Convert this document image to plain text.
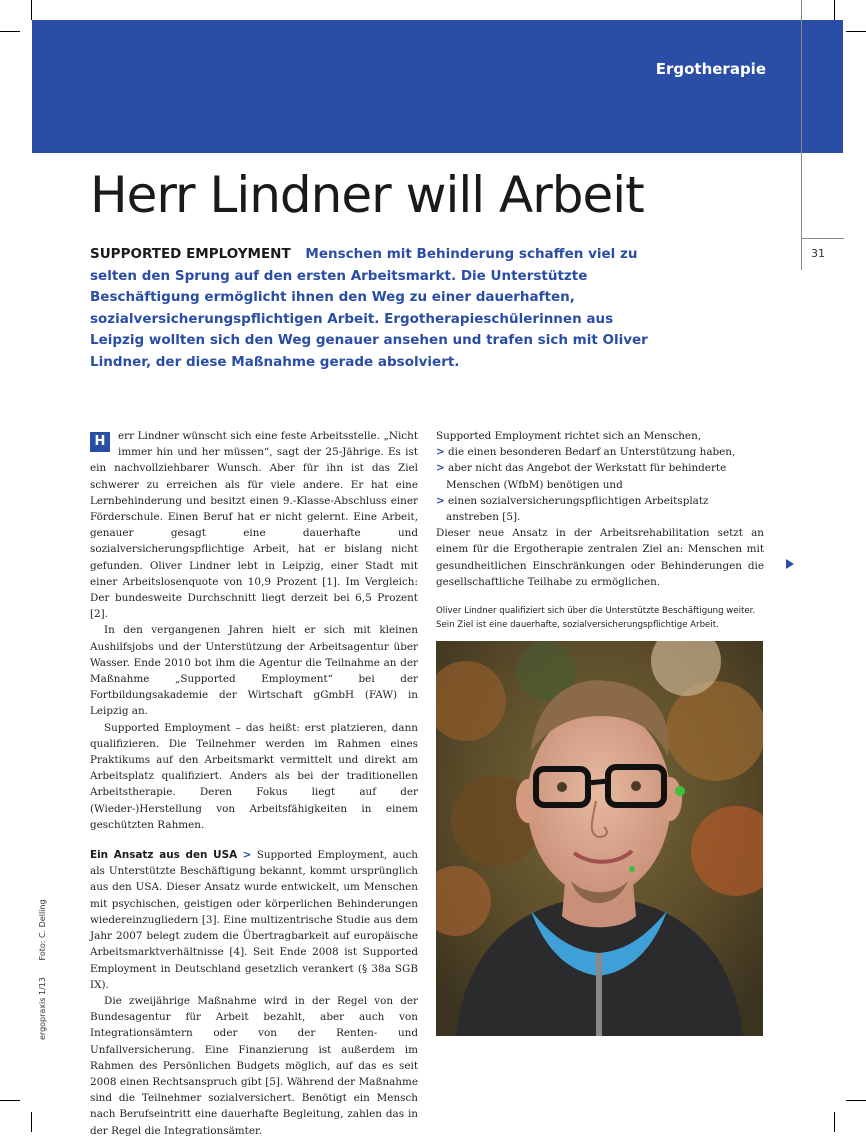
Ergotherapie
31
Herr Lindner will Arbeit
SUPPORTED EMPLOYMENT Menschen mit Behinderung schaffen viel zu selten den Sprung auf den ersten Arbeitsmarkt. Die Unterstützte Beschäftigung ermöglicht ihnen den Weg zu einer dauerhaften, sozialversicherungspflichtigen Arbeit. Ergotherapieschülerinnen aus Leipzig wollten sich den Weg genauer ansehen und trafen sich mit Oliver Lindner, der diese Maßnahme gerade absolviert.

H	err Lindner wünscht sich eine feste Arbeitsstelle. „Nicht immer hin und her müssen“, sagt der 25-Jährige. Es ist ein nachvollziehbarer Wunsch. Aber für ihn ist das Ziel schwerer zu erreichen als für viele andere. Er hat eine Lernbehinderung und besitzt einen 9.-Klasse-Abschluss einer Förderschule. Einen Beruf hat er nicht gelernt. Eine Arbeit, genauer gesagt eine dauerhafte und sozialversicherungspflichtige Arbeit, hat er bislang nicht gefunden. Oliver Lindner lebt in Leipzig, einer Stadt mit einer Arbeitslosenquote von 10,9 Prozent [1]. Im Vergleich: Der bundesweite Durchschnitt liegt derzeit bei 6,5 Prozent [2].

In den vergangenen Jahren hielt er sich mit kleinen Aushilfsjobs und der Unterstützung der Arbeitsagentur über Wasser. Ende 2010 bot ihm die Agentur die Teilnahme an der Maßnahme „Supported Employment“ bei der Fortbildungsakademie der Wirtschaft gGmbH (FAW) in Leipzig an.

Supported Employment – das heißt: erst platzieren, dann qualifizieren. Die Teilnehmer werden im Rahmen eines Praktikums auf den Arbeitsmarkt vermittelt und direkt am Arbeitsplatz qualifiziert. Anders als bei der traditionellen Arbeitstherapie. Deren Fokus liegt auf der (Wieder-)Herstellung von Arbeitsfähigkeiten in einem geschützten Rahmen.

Ein Ansatz aus den USA > Supported Employment, auch als Unterstützte Beschäftigung bekannt, kommt ursprünglich aus den USA. Dieser Ansatz wurde entwickelt, um Menschen mit psychischen, geistigen oder körperlichen Behinderungen wiedereinzugliedern [3]. Eine multizentrische Studie aus dem Jahr 2007 belegt zudem die Übertragbarkeit auf europäische Arbeitsmarktverhältnisse [4]. Seit Ende 2008 ist Supported Employment in Deutschland gesetzlich verankert (§ 38a SGB IX).

Die zweijährige Maßnahme wird in der Regel von der Bundesagentur für Arbeit bezahlt, aber auch von Integrationsämtern oder von der Renten- und Unfallversicherung. Eine Finanzierung ist außerdem im Rahmen des Persönlichen Budgets möglich, auf das es seit 2008 einen Rechtsanspruch gibt [5]. Während der Maßnahme sind die Teilnehmer sozialversichert. Benötigt ein Mensch nach Berufseintritt eine dauerhafte Begleitung, zahlen das in der Regel die Integrationsämter.

Supported Employment richtet sich an Menschen,

> die einen besonderen Bedarf an Unterstützung haben,
> aber nicht das Angebot der Werkstatt für behinderte Menschen (WfbM) benötigen und
> einen sozialversicherungspflichtigen Arbeitsplatz anstreben [5].

Dieser neue Ansatz in der Arbeitsrehabilitation setzt an einem für die Ergotherapie zentralen Ziel an: Menschen mit gesundheitlichen Einschränkungen oder Behinderungen die gesellschaftliche Teilhabe zu ermöglichen.

Oliver Lindner qualifiziert sich über die Unterstützte Beschäftigung weiter. Sein Ziel ist eine dauerhafte, sozialversicherungspflichtige Arbeit.
ergopraxis 1/13 Foto: C. Delling
